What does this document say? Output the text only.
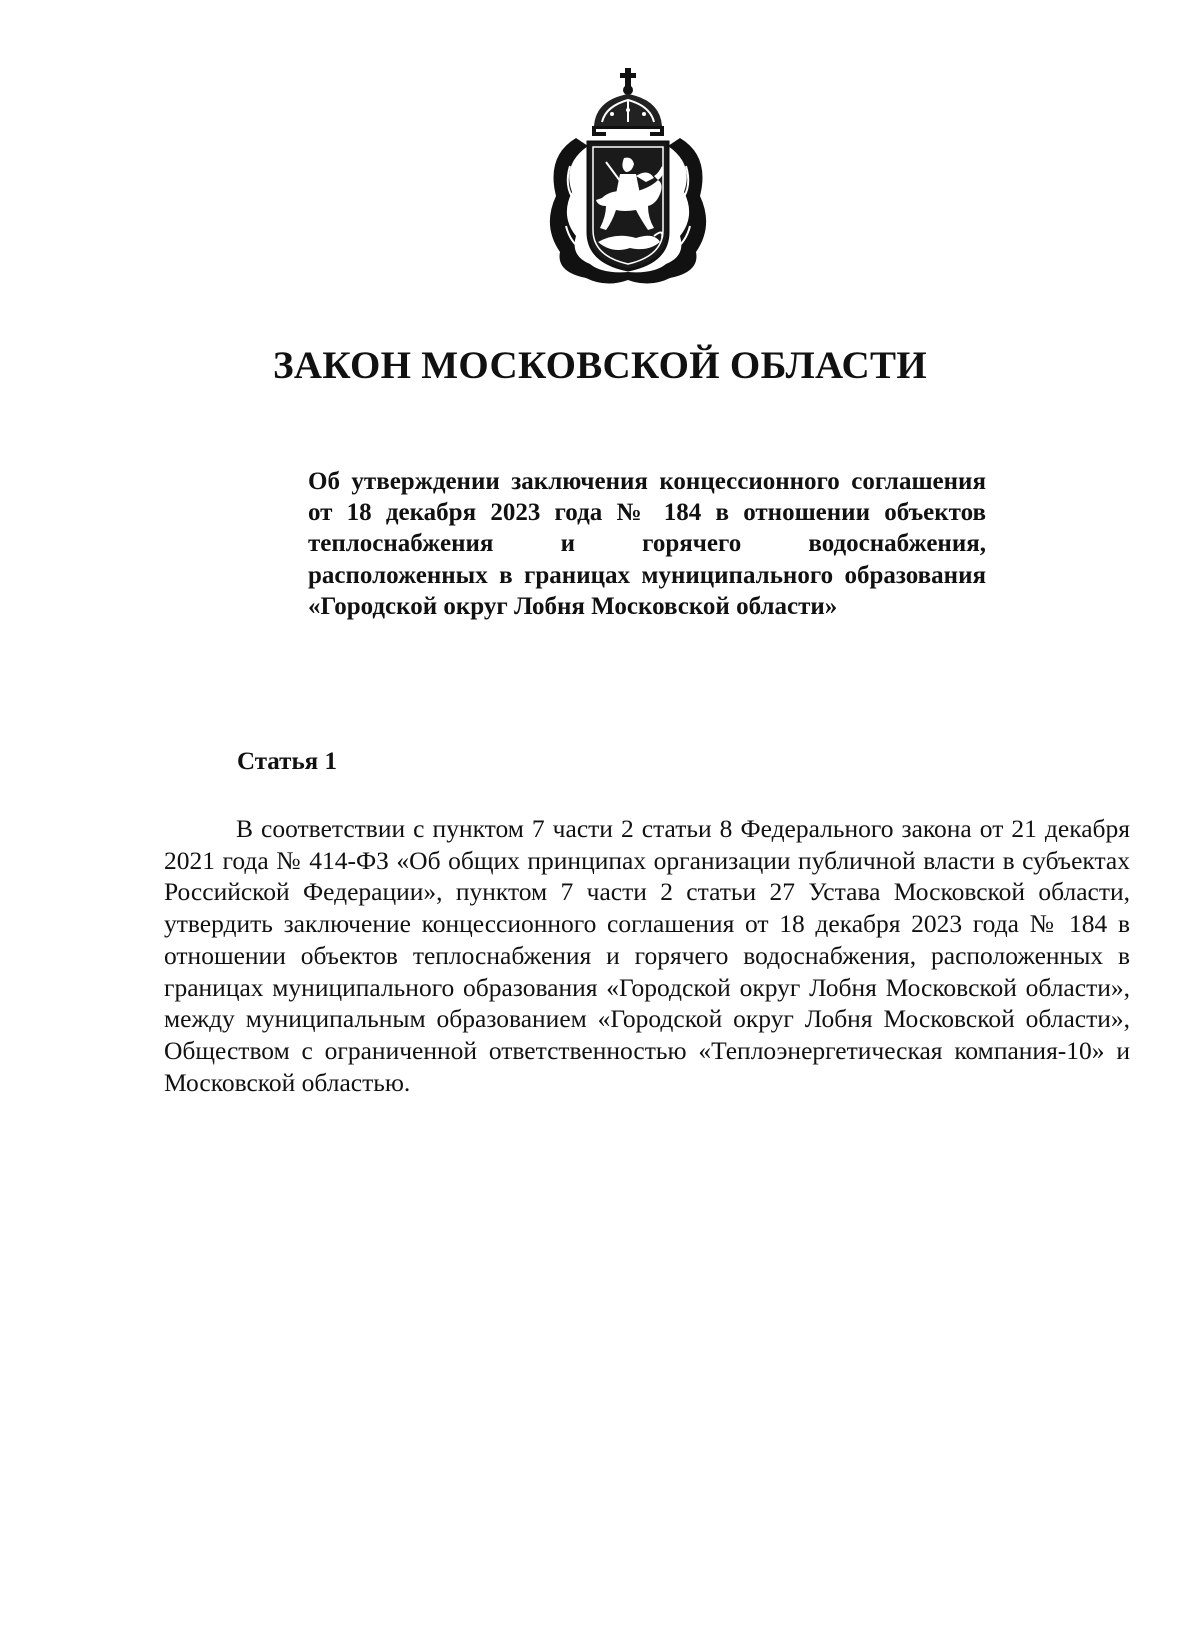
ЗАКОН МОСКОВСКОЙ ОБЛАСТИ

Об утверждении заключения концессионного соглашения от 18 декабря 2023 года № 184 в отношении объектов теплоснабжения и горячего водоснабжения, расположенных в границах муниципального образования «Городской округ Лобня Московской области»

Статья 1

В соответствии с пунктом 7 части 2 статьи 8 Федерального закона от 21 декабря 2021 года № 414-ФЗ «Об общих принципах организации публичной власти в субъектах Российской Федерации», пунктом 7 части 2 статьи 27 Устава Московской области, утвердить заключение концессионного соглашения от 18 декабря 2023 года № 184 в отношении объектов теплоснабжения и горячего водоснабжения, расположенных в границах муниципального образования «Городской округ Лобня Московской области», между муниципальным образованием «Городской округ Лобня Московской области», Обществом с ограниченной ответственностью «Теплоэнергетическая компания-10» и Московской областью.
